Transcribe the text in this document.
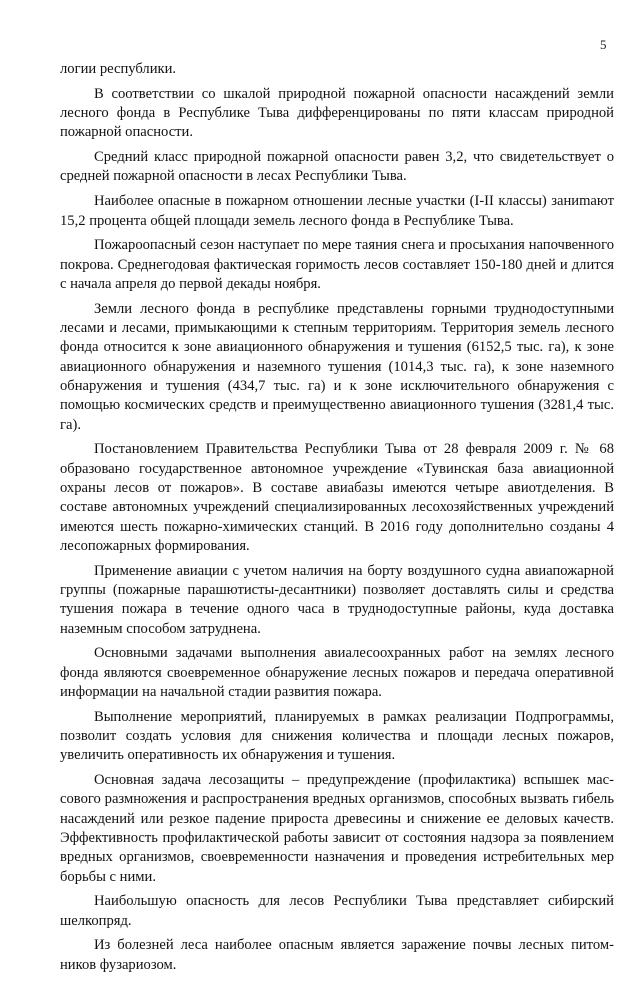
5

логии республики.

В соответствии со шкалой природной пожарной опасности насаждений земли лесного фонда в Республике Тыва дифференцированы по пяти классам природной пожарной опасности.

Средний класс природной пожарной опасности равен 3,2, что свидетельствует о средней пожарной опасности в лесах Республики Тыва.

Наиболее опасные в пожарном отношении лесные участки (I-II классы) заниmают 15,2 процента общей площади земель лесного фонда в Республике Тыва.

Пожароопасный сезон наступает по мере таяния снега и просыхания напочвенного покрова. Среднегодовая фактическая горимость лесов составляет 150-180 дней и длится с начала апреля до первой декады ноября.

Земли лесного фонда в республике представлены горными труднодоступными лесами и лесами, примыкающими к степным территориям. Территория земель лесного фонда относится к зоне авиационного обнаружения и тушения (6152,5 тыс. га), к зоне авиационного обнаружения и наземного тушения (1014,3 тыс. га), к зоне наземного обнаружения и тушения (434,7 тыс. га) и к зоне исключительного обнаружения с помощью космических средств и преимущественно авиационного тушения (3281,4 тыс. га).

Постановлением Правительства Республики Тыва от 28 февраля 2009 г. № 68 образовано государственное автономное учреждение «Тувинская база авиационной охраны лесов от пожаров». В составе авиабазы имеются четыре авиотделения. В составе автономных учреждений специализированных лесохозяйственных учреждений имеются шесть пожарно-химических станций. В 2016 году дополнительно созданы 4 лесопожарных формирования.

Применение авиации с учетом наличия на борту воздушного судна авиапожарной группы (пожарные парашютисты-десантники) позволяет доставлять силы и средства тушения пожара в течение одного часа в труднодоступные районы, куда доставка наземным способом затруднена.

Основными задачами выполнения авиалесоохранных работ на землях лесного фонда являются своевременное обнаружение лесных пожаров и передача оперативной информации на начальной стадии развития пожара.

Выполнение мероприятий, планируемых в рамках реализации Подпрограммы, позволит создать условия для снижения количества и площади лесных пожаров, увеличить оперативность их обнаружения и тушения.

Основная задача лесозащиты – предупреждение (профилактика) вспышек массового размножения и распространения вредных организмов, способных вызвать гибель насаждений или резкое падение прироста древесины и снижение ее деловых качеств. Эффективность профилактической работы зависит от состояния надзора за появлением вредных организмов, своевременности назначения и проведения истребительных мер борьбы с ними.

Наибольшую опасность для лесов Республики Тыва представляет сибирский шелкопряд.

Из болезней леса наиболее опасным является заражение почвы лесных питомников фузариозом.
